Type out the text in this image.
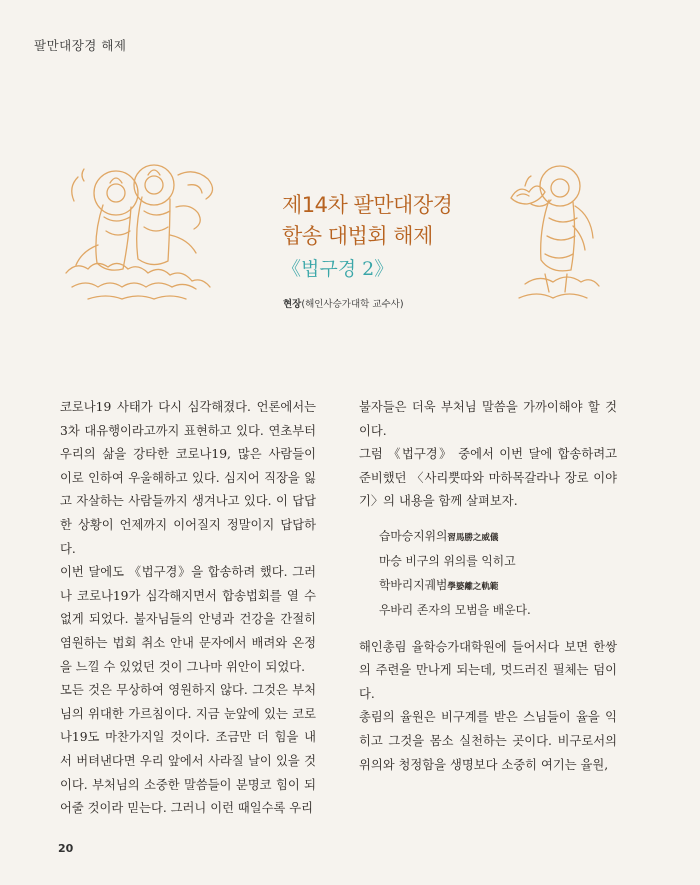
팔만대장경 해제
제14차 팔만대장경
합송 대법회 해제
《법구경 2》
현장(해인사승가대학 교수사)

코로나19 사태가 다시 심각해졌다. 언론에서는 3차 대유행이라고까지 표현하고 있다. 연초부터 우리의 삶을 강타한 코로나19, 많은 사람들이 이로 인하여 우울해하고 있다. 심지어 직장을 잃고 자살하는 사람들까지 생겨나고 있다. 이 답답한 상황이 언제까지 이어질지 정말이지 답답하다.

이번 달에도 《법구경》을 합송하려 했다. 그러나 코로나19가 심각해지면서 합송법회를 열 수 없게 되었다. 불자님들의 안녕과 건강을 간절히 염원하는 법회 취소 안내 문자에서 배려와 온정을 느낄 수 있었던 것이 그나마 위안이 되었다.

모든 것은 무상하여 영원하지 않다. 그것은 부처님의 위대한 가르침이다. 지금 눈앞에 있는 코로나19도 마찬가지일 것이다. 조금만 더 힘을 내서 버텨낸다면 우리 앞에서 사라질 날이 있을 것이다. 부처님의 소중한 말씀들이 분명코 힘이 되어줄 것이라 믿는다. 그러니 이런 때일수록 우리

불자들은 더욱 부처님 말씀을 가까이해야 할 것이다.

그럼 《법구경》 중에서 이번 달에 합송하려고 준비했던 〈사리뿟따와 마하목갈라나 장로 이야기〉의 내용을 함께 살펴보자.

습마승지위의習馬勝之威儀
마승 비구의 위의를 익히고
학바리지궤범學婆離之軌範
우바리 존자의 모범을 배운다.

해인총림 율학승가대학원에 들어서다 보면 한쌍의 주련을 만나게 되는데, 멋드러진 필체는 덤이다.

총림의 율원은 비구계를 받은 스님들이 율을 익히고 그것을 몸소 실천하는 곳이다. 비구로서의 위의와 청정함을 생명보다 소중히 여기는 율원,

20
